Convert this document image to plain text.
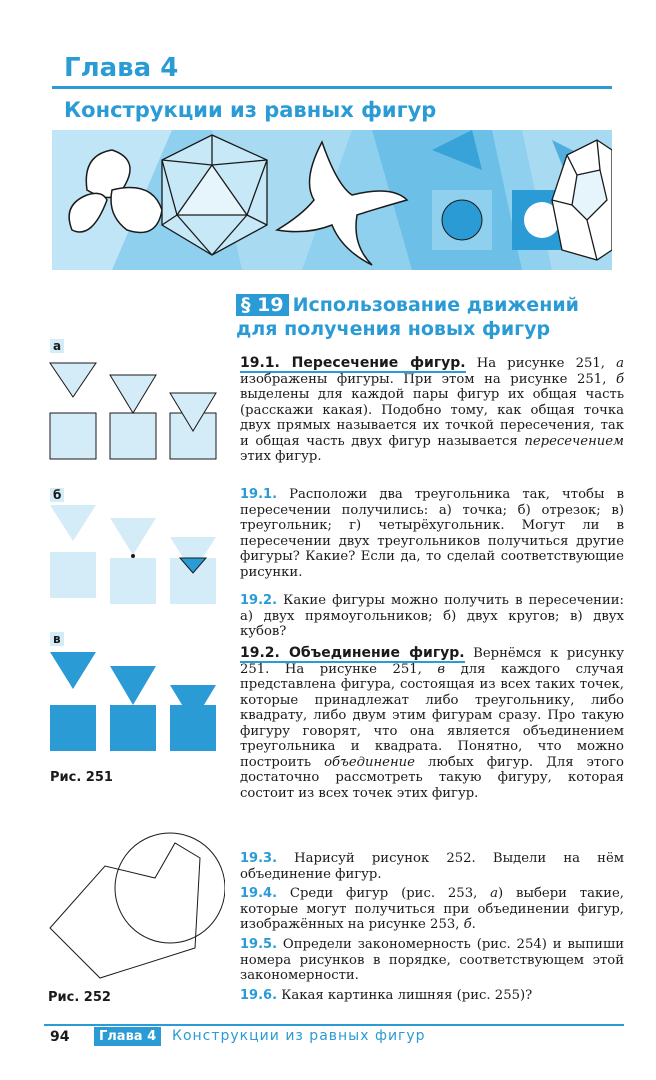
Глава 4
Конструкции из равных фигур
а
б
в
Рис. 251
Рис. 252
§ 19 Использование движений для получения новых фигур
19.1. Пересечение фигур. На рисунке 251, а изображены фигуры. При этом на рисунке 251, б выделены для каждой пары фигур их общая часть (расскажи какая). Подобно тому, как общая точка двух прямых называется их точкой пересечения, так и общая часть двух фигур называется пересечением этих фигур.
19.1. Расположи два треугольника так, чтобы в пересечении получились: а) точка; б) отрезок; в) треугольник; г) четырёхугольник. Могут ли в пересечении двух треугольников получиться другие фигуры? Какие? Если да, то сделай соответствующие рисунки.
19.2. Какие фигуры можно получить в пересечении: а) двух прямоугольников; б) двух кругов; в) двух кубов?
19.2. Объединение фигур. Вернёмся к рисунку 251. На рисунке 251, в для каждого случая представлена фигура, состоящая из всех таких точек, которые принадлежат либо треугольнику, либо квадрату, либо двум этим фигурам сразу. Про такую фигуру говорят, что она является объединением треугольника и квадрата. Понятно, что можно построить объединение любых фигур. Для этого достаточно рассмотреть такую фигуру, которая состоит из всех точек этих фигур.
19.3. Нарисуй рисунок 252. Выдели на нём объединение фигур.
19.4. Среди фигур (рис. 253, а) выбери такие, которые могут получиться при объединении фигур, изображённых на рисунке 253, б.
19.5. Определи закономерность (рис. 254) и выпиши номера рисунков в порядке, соответствующем этой закономерности.
19.6. Какая картинка лишняя (рис. 255)?
94	Глава 4	Конструкции из равных фигур
